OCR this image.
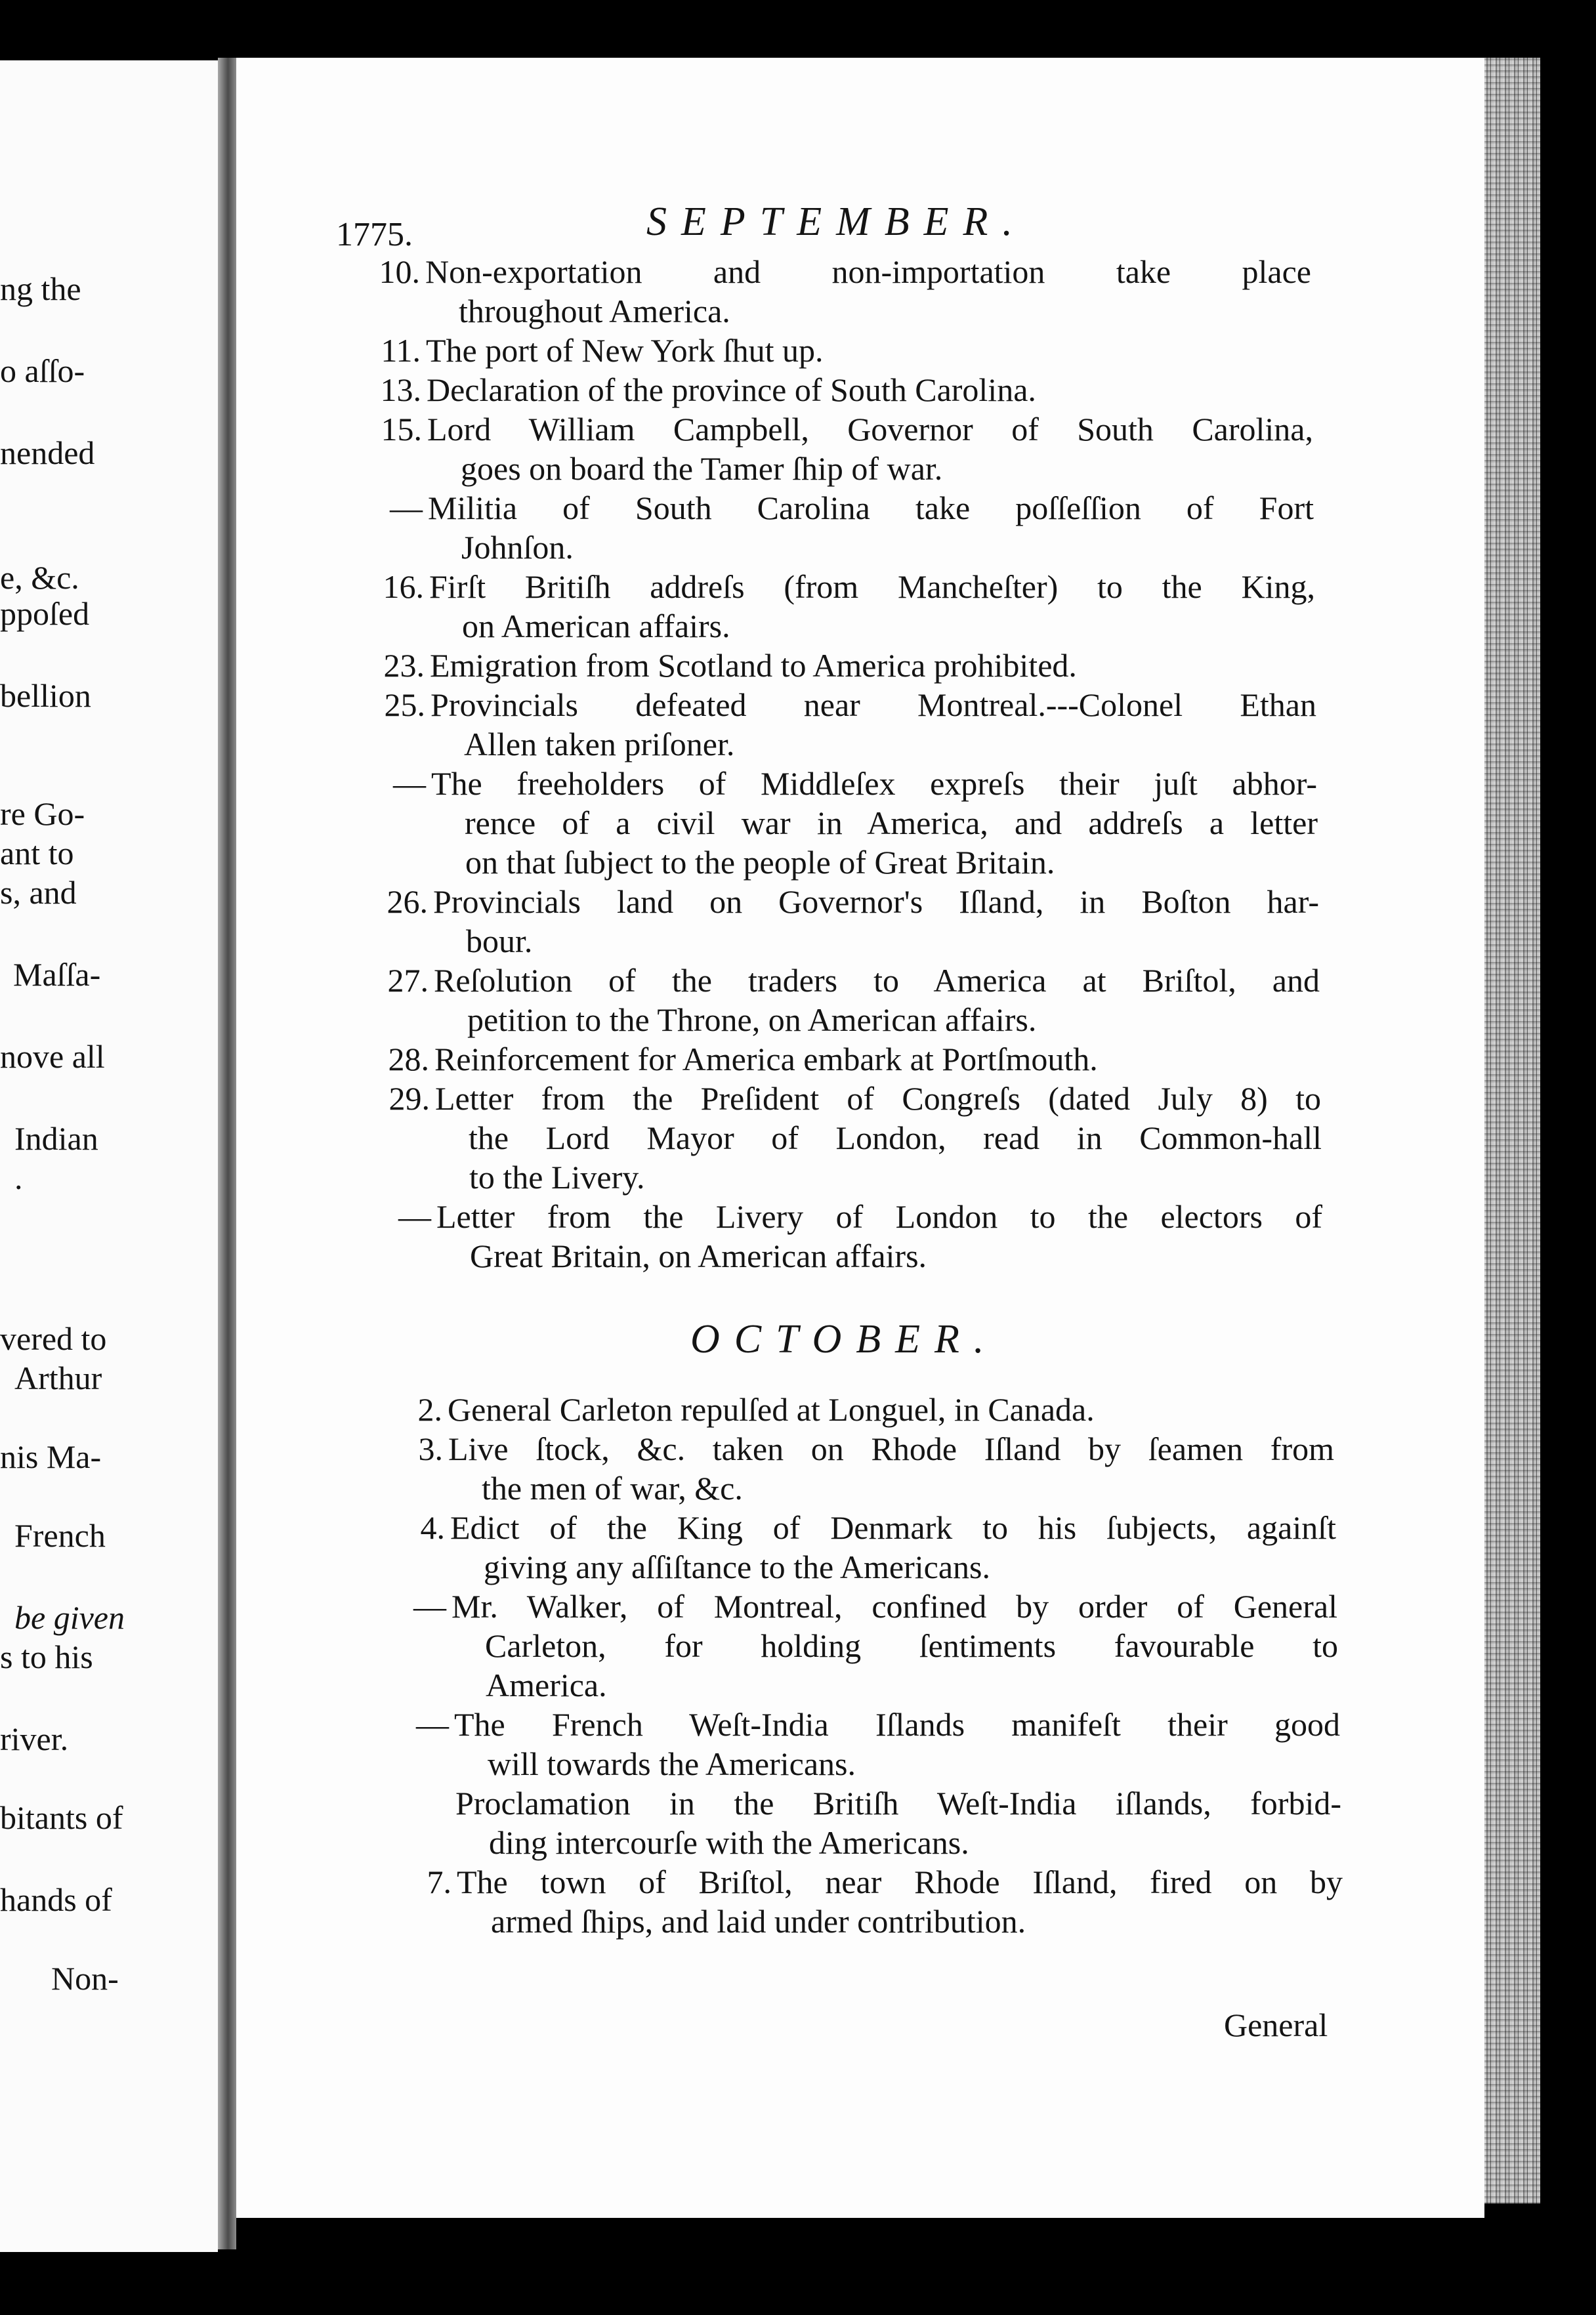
ng the
o aſſo-
nended
e, &c.
ppoſed
bellion
re Go-
ant to
s, and
Maſſa-
nove all
Indian
.
vered to
Arthur
nis Ma-
French
be given
s to his
river.
bitants of
hands of
Non-
1775.	SEPTEMBER.
OCTOBER.
General
10. Non-exportation and non-importation take place
throughout America.
11. The port of New York ſhut up.
13. Declaration of the province of South Carolina.
15. Lord William Campbell, Governor of South Carolina,
goes on board the Tamer ſhip of war.
— Militia of South Carolina take poſſeſſion of Fort
Johnſon.
16. Firſt Britiſh addreſs (from Mancheſter) to the King,
on American affairs.
23. Emigration from Scotland to America prohibited.
25. Provincials defeated near Montreal.---Colonel Ethan
Allen taken priſoner.
— The freeholders of Middleſex expreſs their juſt abhor-
rence of a civil war in America, and addreſs a letter
on that ſubject to the people of Great Britain.
26. Provincials land on Governor's Iſland, in Boſton har-
bour.
27. Reſolution of the traders to America at Briſtol, and
petition to the Throne, on American affairs.
28. Reinforcement for America embark at Portſmouth.
29. Letter from the Preſident of Congreſs (dated July 8) to
the Lord Mayor of London, read in Common-hall
to the Livery.
— Letter from the Livery of London to the electors of
Great Britain, on American affairs.
2. General Carleton repulſed at Longuel, in Canada.
3. Live ſtock, &c. taken on Rhode Iſland by ſeamen from
the men of war, &c.
4. Edict of the King of Denmark to his ſubjects, againſt
giving any aſſiſtance to the Americans.
— Mr. Walker, of Montreal, confined by order of General
Carleton, for holding ſentiments favourable to
America.
— The French Weſt-India Iſlands manifeſt their good
will towards the Americans.
Proclamation in the Britiſh Weſt-India iſlands, forbid-
ding intercourſe with the Americans.
7. The town of Briſtol, near Rhode Iſland, fired on by
armed ſhips, and laid under contribution.
